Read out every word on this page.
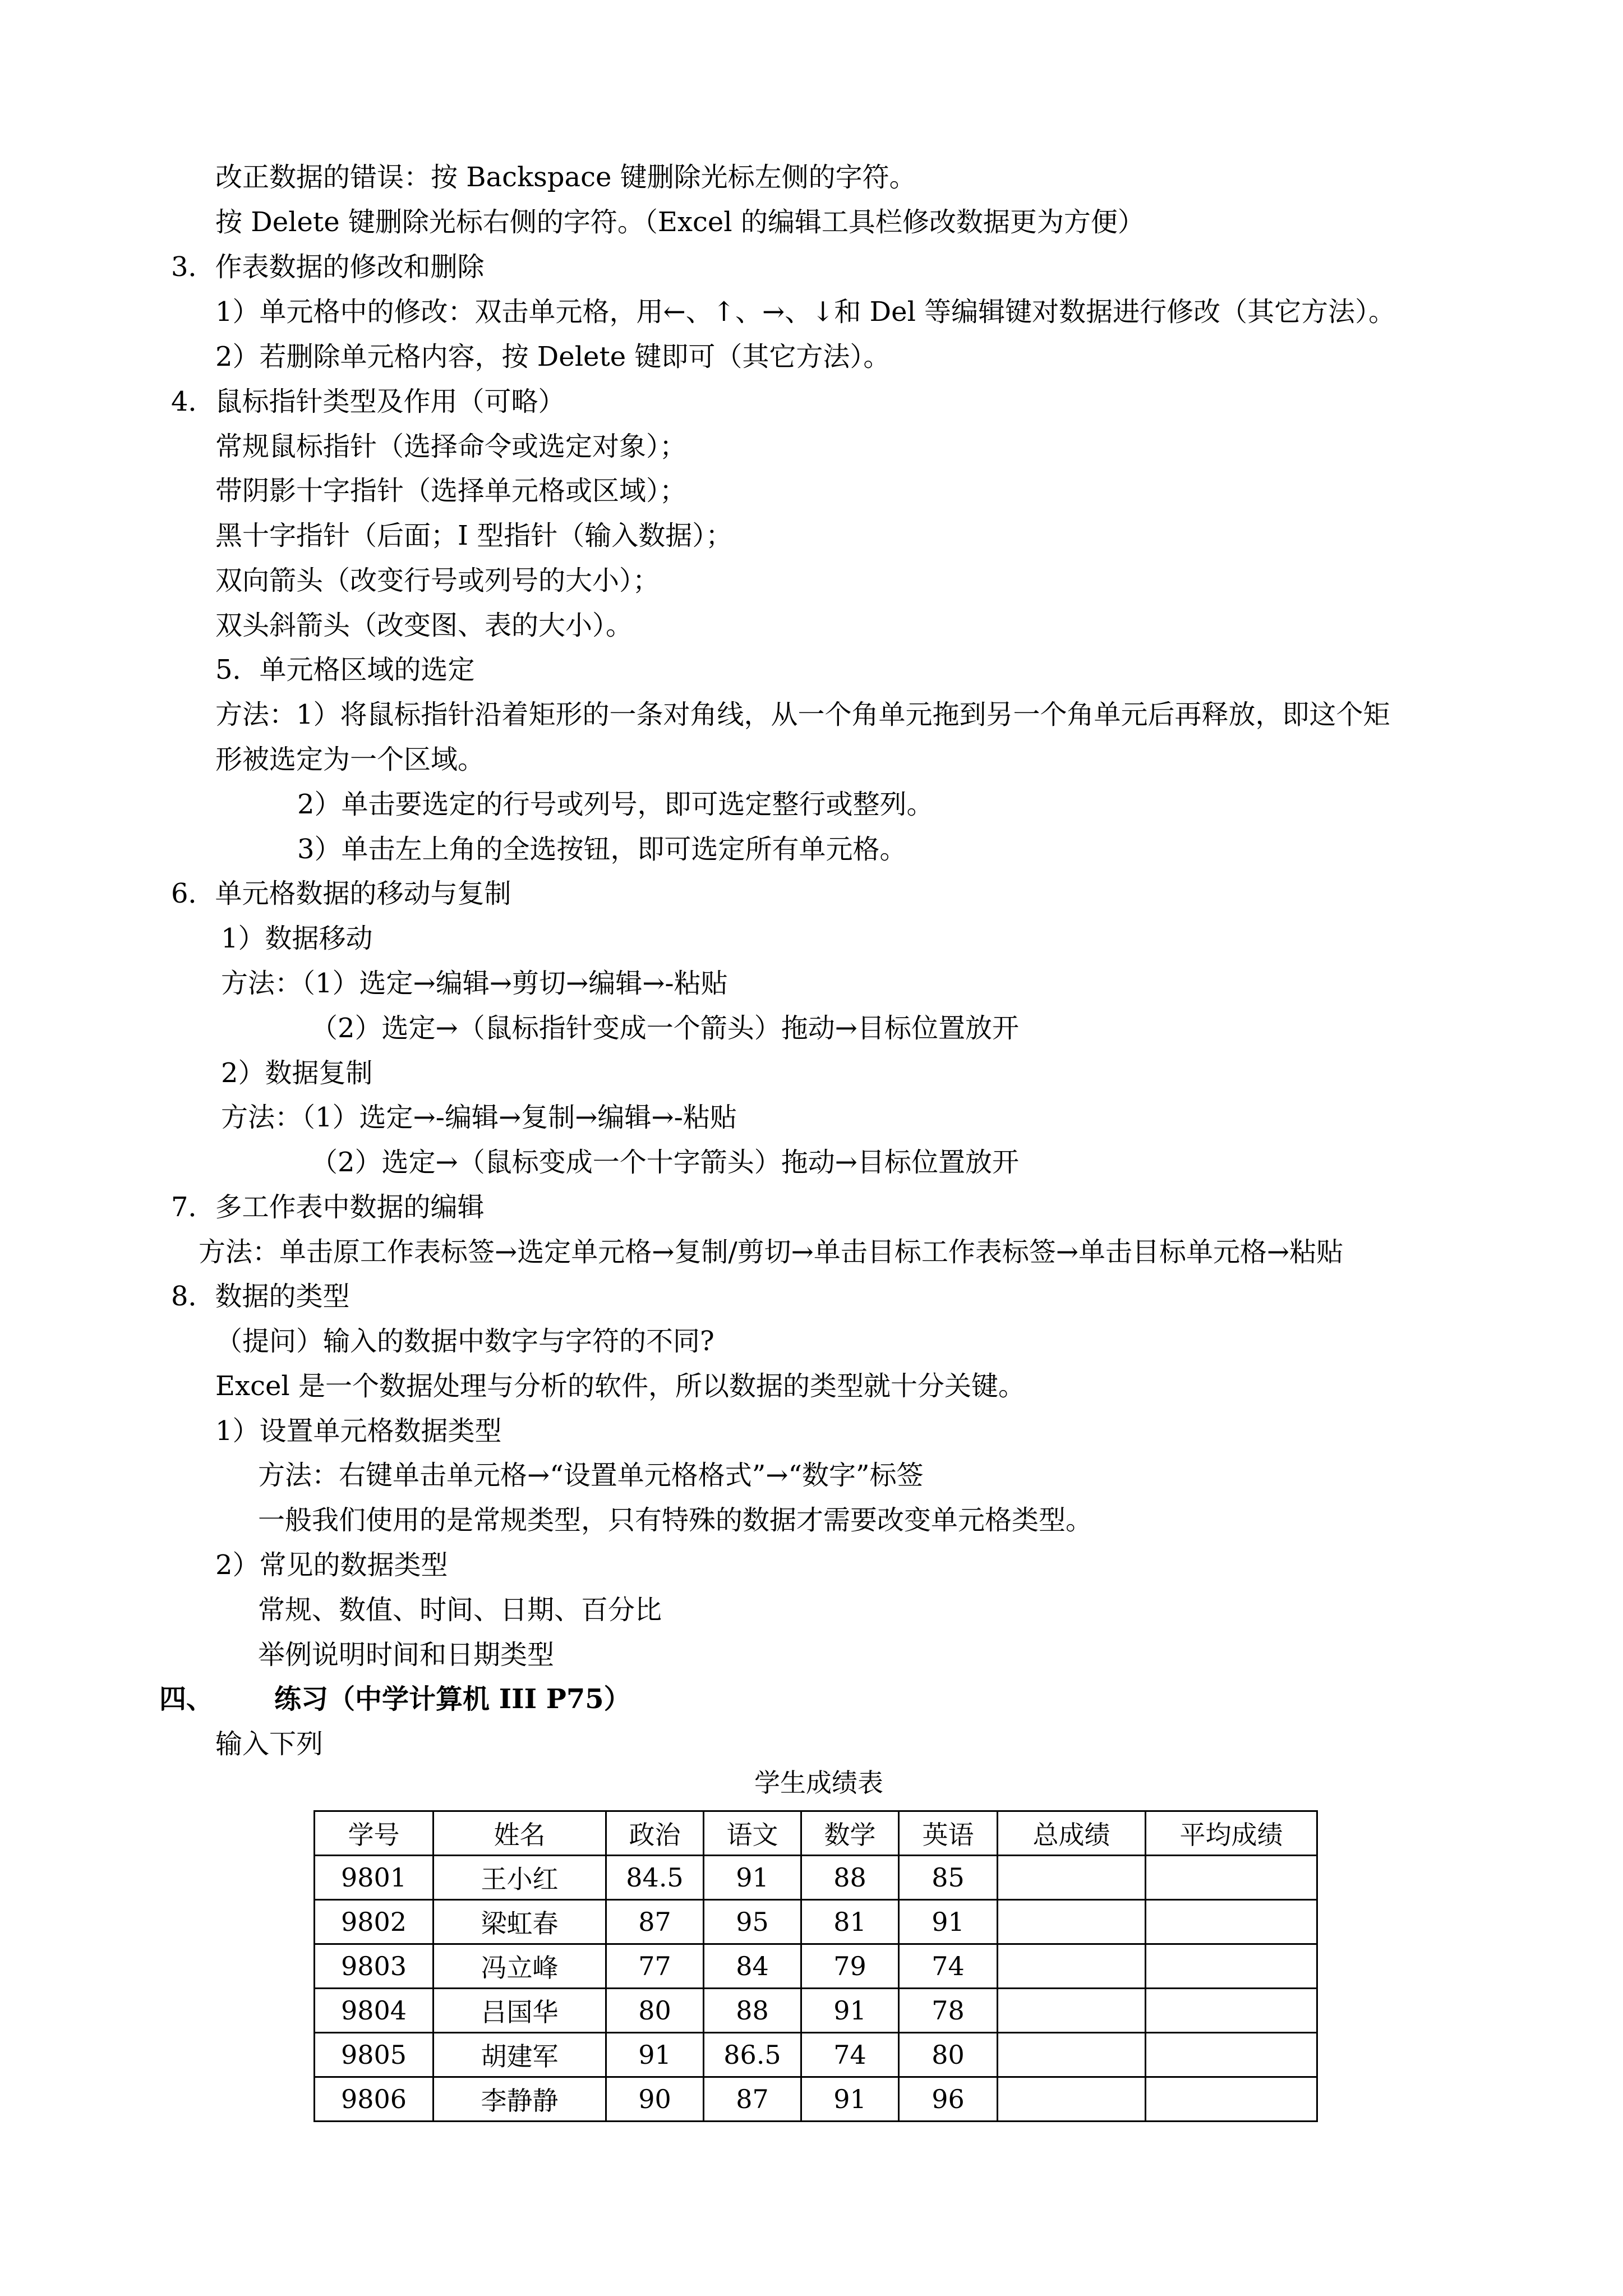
改正数据的错误：按 Backspace 键删除光标左侧的字符。
按 Delete 键删除光标右侧的字符。（Excel 的编辑工具栏修改数据更为方便）
3．作表数据的修改和删除
1）单元格中的修改：双击单元格，用←、↑、→、↓和 Del 等编辑键对数据进行修改（其它方法）。
2）若删除单元格内容，按 Delete 键即可（其它方法）。
4．鼠标指针类型及作用（可略）
常规鼠标指针（选择命令或选定对象）；
带阴影十字指针（选择单元格或区域）；
黑十字指针（后面；I 型指针（输入数据）；
双向箭头（改变行号或列号的大小）；
双头斜箭头（改变图、表的大小）。
5．单元格区域的选定
方法：1）将鼠标指针沿着矩形的一条对角线，从一个角单元拖到另一个角单元后再释放，即这个矩
形被选定为一个区域。
2）单击要选定的行号或列号，即可选定整行或整列。
3）单击左上角的全选按钮，即可选定所有单元格。
6．单元格数据的移动与复制
1）数据移动
方法：（1）选定→编辑→剪切→编辑→-粘贴
（2）选定→（鼠标指针变成一个箭头）拖动→目标位置放开
2）数据复制
方法：（1）选定→-编辑→复制→编辑→-粘贴
（2）选定→（鼠标变成一个十字箭头）拖动→目标位置放开
7．多工作表中数据的编辑
方法：单击原工作表标签→选定单元格→复制/剪切→单击目标工作表标签→单击目标单元格→粘贴
8．数据的类型
（提问）输入的数据中数字与字符的不同?
Excel 是一个数据处理与分析的软件，所以数据的类型就十分关键。
1）设置单元格数据类型
方法：右键单击单元格→“设置单元格格式”→“数字”标签
一般我们使用的是常规类型，只有特殊的数据才需要改变单元格类型。
2）常见的数据类型
常规、数值、时间、日期、百分比
举例说明时间和日期类型
四、 练习（中学计算机 III P75）
输入下列
学生成绩表
学号	姓名	政治	语文	数学	英语	总成绩	平均成绩
9801	王小红	84.5	91	88	85		
9802	梁虹春	87	95	81	91		
9803	冯立峰	77	84	79	74		
9804	吕国华	80	88	91	78		
9805	胡建军	91	86.5	74	80		
9806	李静静	90	87	91	96		
